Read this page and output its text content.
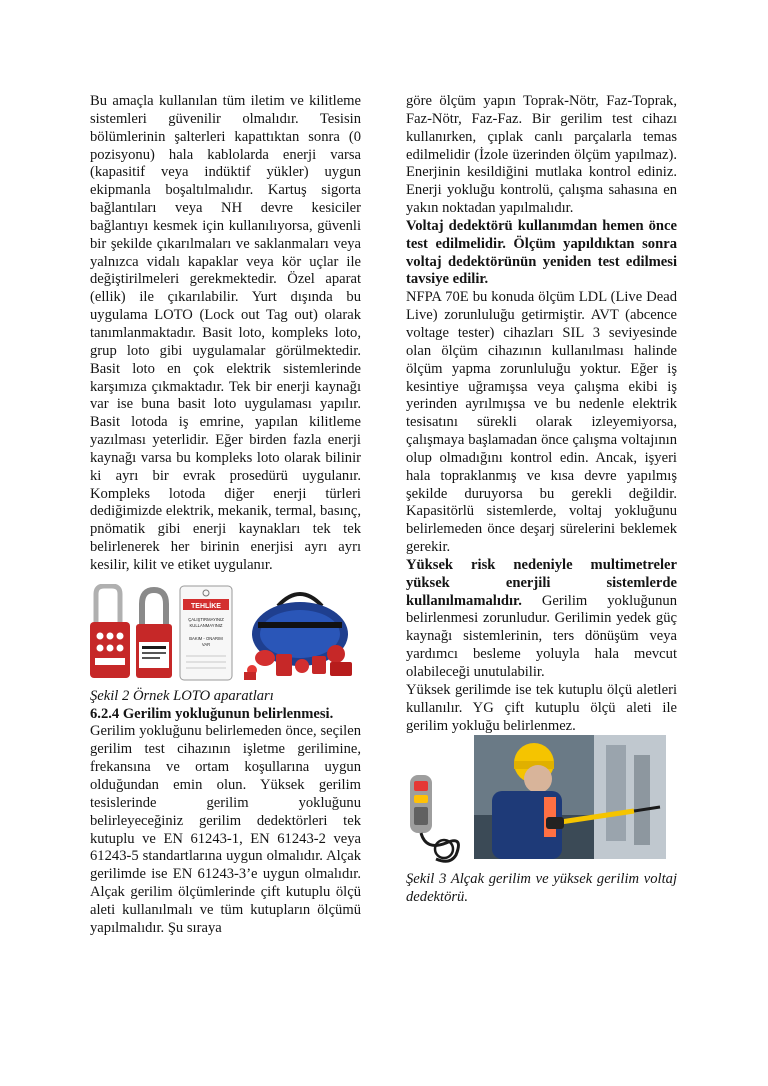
Bu amaçla kullanılan tüm iletim ve kilitleme sistemleri güvenilir olmalıdır. Tesisin bölümlerinin şalterleri kapattıktan sonra (0 pozisyonu) hala kablolarda enerji varsa (kapasitif veya indüktif yükler) uygun ekipmanla boşaltılmalıdır. Kartuş sigorta bağlantıları veya NH devre kesiciler bağlantıyı kesmek için kullanılıyorsa, güvenli bir şekilde çıkarılmaları ve saklanmaları veya yalnızca vidalı kapaklar veya kör uçlar ile değiştirilmeleri gerekmektedir. Özel aparat (ellik) ile çıkarılabilir. Yurt dışında bu uygulama LOTO (Lock out Tag out) olarak tanımlanmaktadır. Basit loto, kompleks loto, grup loto gibi uygulamalar görülmektedir. Basit loto en çok elektrik sistemlerinde karşımıza çıkmaktadır. Tek bir enerji kaynağı var ise buna basit loto uygulaması yapılır. Basit lotoda iş emrine, yapılan kilitleme yazılması yeterlidir. Eğer birden fazla enerji kaynağı varsa bu kompleks loto olarak bilinir ki ayrı bir evrak prosedürü uygulanır. Kompleks lotoda diğer enerji türleri dediğimizde elektrik, mekanik, termal, basınç, pnömatik gibi enerji kaynakları tek tek belirlenerek her birinin enerjisi ayrı ayrı kesilir, kilit ve etiket uygulanır.

TEHLİKE
ÇALIŞTIRMAYINIZ
KULLANMAYINIZ
BAKIM - ONARIM
VAR

Şekil 2 Örnek LOTO aparatları

6.2.4 Gerilim yokluğunun belirlenmesi.

Gerilim yokluğunu belirlemeden önce, seçilen gerilim test cihazının işletme gerilimine, frekansına ve ortam koşullarına uygun olduğundan emin olun. Yüksek gerilim tesislerinde gerilim yokluğunu belirleyeceğiniz gerilim dedektörleri tek kutuplu ve EN 61243-1, EN 61243-2 veya 61243-5 standartlarına uygun olmalıdır. Alçak gerilimde ise EN 61243-3’e uygun olmalıdır. Alçak gerilim ölçümlerinde çift kutuplu ölçü aleti kullanılmalı ve tüm kutupların ölçümü yapılmalıdır. Şu sıraya

göre ölçüm yapın Toprak-Nötr, Faz-Toprak, Faz-Nötr, Faz-Faz. Bir gerilim test cihazı kullanırken, çıplak canlı parçalarla temas edilmelidir (İzole üzerinden ölçüm yapılmaz). Enerjinin kesildiğini mutlaka kontrol ediniz. Enerji yokluğu kontrolü, çalışma sahasına en yakın noktadan yapılmalıdır.

Voltaj dedektörü kullanımdan hemen önce test edilmelidir. Ölçüm yapıldıktan sonra voltaj dedektörünün yeniden test edilmesi tavsiye edilir.

NFPA 70E bu konuda ölçüm LDL (Live Dead Live) zorunluluğu getirmiştir. AVT (abcence voltage tester) cihazları SIL 3 seviyesinde olan ölçüm cihazının kullanılması halinde ölçüm yapma zorunluluğu yoktur. Eğer iş kesintiye uğramışsa veya çalışma ekibi iş yerinden ayrılmışsa ve bu nedenle elektrik tesisatını sürekli olarak izleyemiyorsa, çalışmaya başlamadan önce çalışma voltajının olup olmadığını kontrol edin. Ancak, işyeri hala topraklanmış ve kısa devre yapılmış şekilde duruyorsa bu gerekli değildir. Kapasitörlü sistemlerde, voltaj yokluğunu belirlemeden önce deşarj sürelerini beklemek gerekir.

Yüksek risk nedeniyle multimetreler yüksek enerjili sistemlerde kullanılmamalıdır. Gerilim yokluğunun belirlenmesi zorunludur. Gerilimin yedek güç kaynağı sistemlerinin, ters dönüşüm veya yardımcı besleme yoluyla hala mevcut olabileceği unutulabilir.

Yüksek gerilimde ise tek kutuplu ölçü aletleri kullanılır. YG çift kutuplu ölçü aleti ile gerilim yokluğu belirlenmez.

Şekil 3 Alçak gerilim ve yüksek gerilim voltaj dedektörü.
